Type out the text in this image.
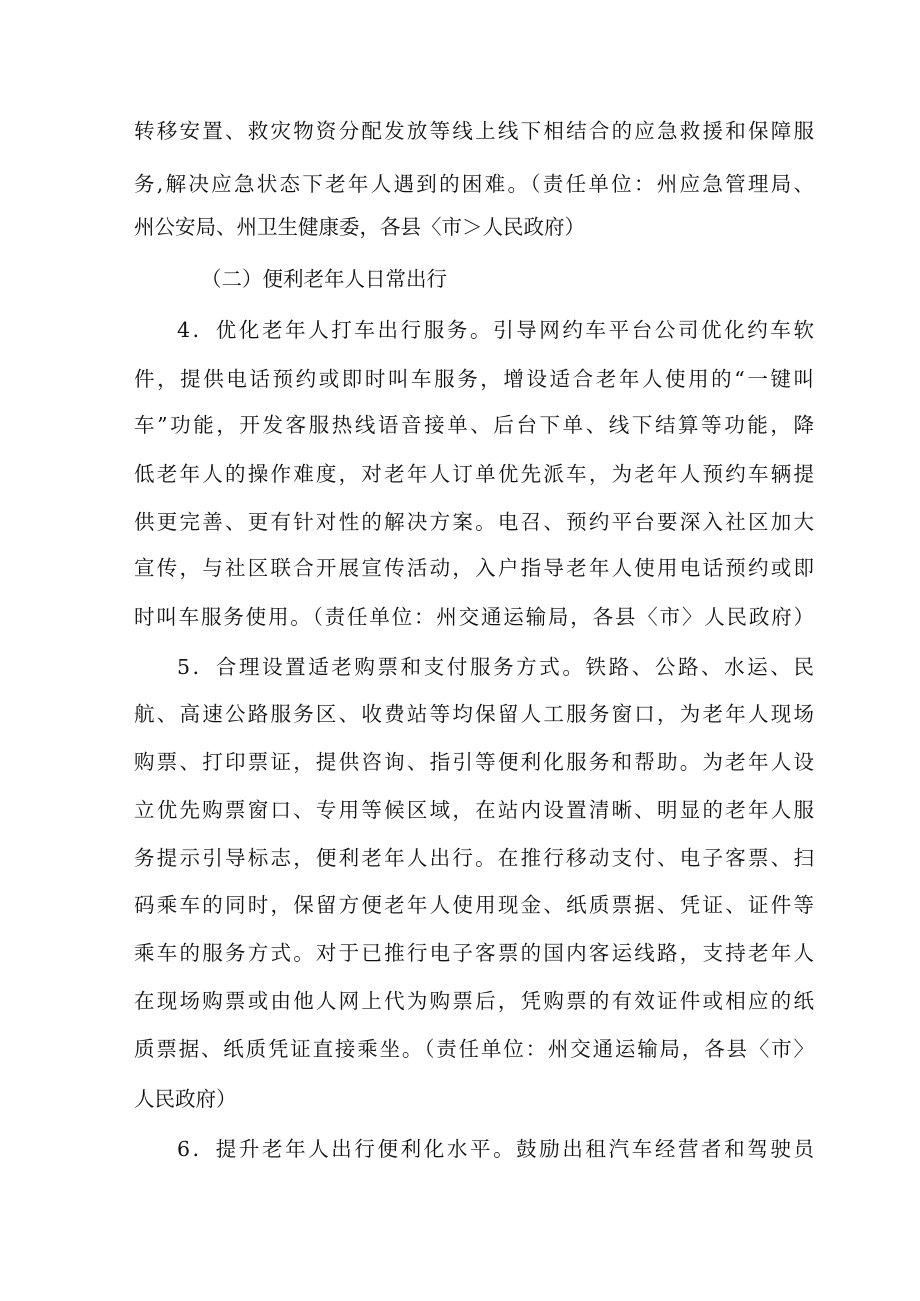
转移安置、救灾物资分配发放等线上线下相结合的应急救援和保障服
务,解决应急状态下老年人遇到的困难。（责任单位：州应急管理局、
州公安局、州卫生健康委，各县〈市＞人民政府）
（二）便利老年人日常出行
4．优化老年人打车出行服务。引导网约车平台公司优化约车软
件，提供电话预约或即时叫车服务，增设适合老年人使用的“一键叫
车”功能，开发客服热线语音接单、后台下单、线下结算等功能，降
低老年人的操作难度，对老年人订单优先派车，为老年人预约车辆提
供更完善、更有针对性的解决方案。电召、预约平台要深入社区加大
宣传，与社区联合开展宣传活动，入户指导老年人使用电话预约或即
时叫车服务使用。（责任单位：州交通运输局，各县〈市〉人民政府）
5．合理设置适老购票和支付服务方式。铁路、公路、水运、民
航、高速公路服务区、收费站等均保留人工服务窗口，为老年人现场
购票、打印票证，提供咨询、指引等便利化服务和帮助。为老年人设
立优先购票窗口、专用等候区域，在站内设置清晰、明显的老年人服
务提示引导标志，便利老年人出行。在推行移动支付、电子客票、扫
码乘车的同时，保留方便老年人使用现金、纸质票据、凭证、证件等
乘车的服务方式。对于已推行电子客票的国内客运线路，支持老年人
在现场购票或由他人网上代为购票后，凭购票的有效证件或相应的纸
质票据、纸质凭证直接乘坐。（责任单位：州交通运输局，各县〈市〉
人民政府）
6．提升老年人出行便利化水平。鼓励出租汽车经营者和驾驶员
